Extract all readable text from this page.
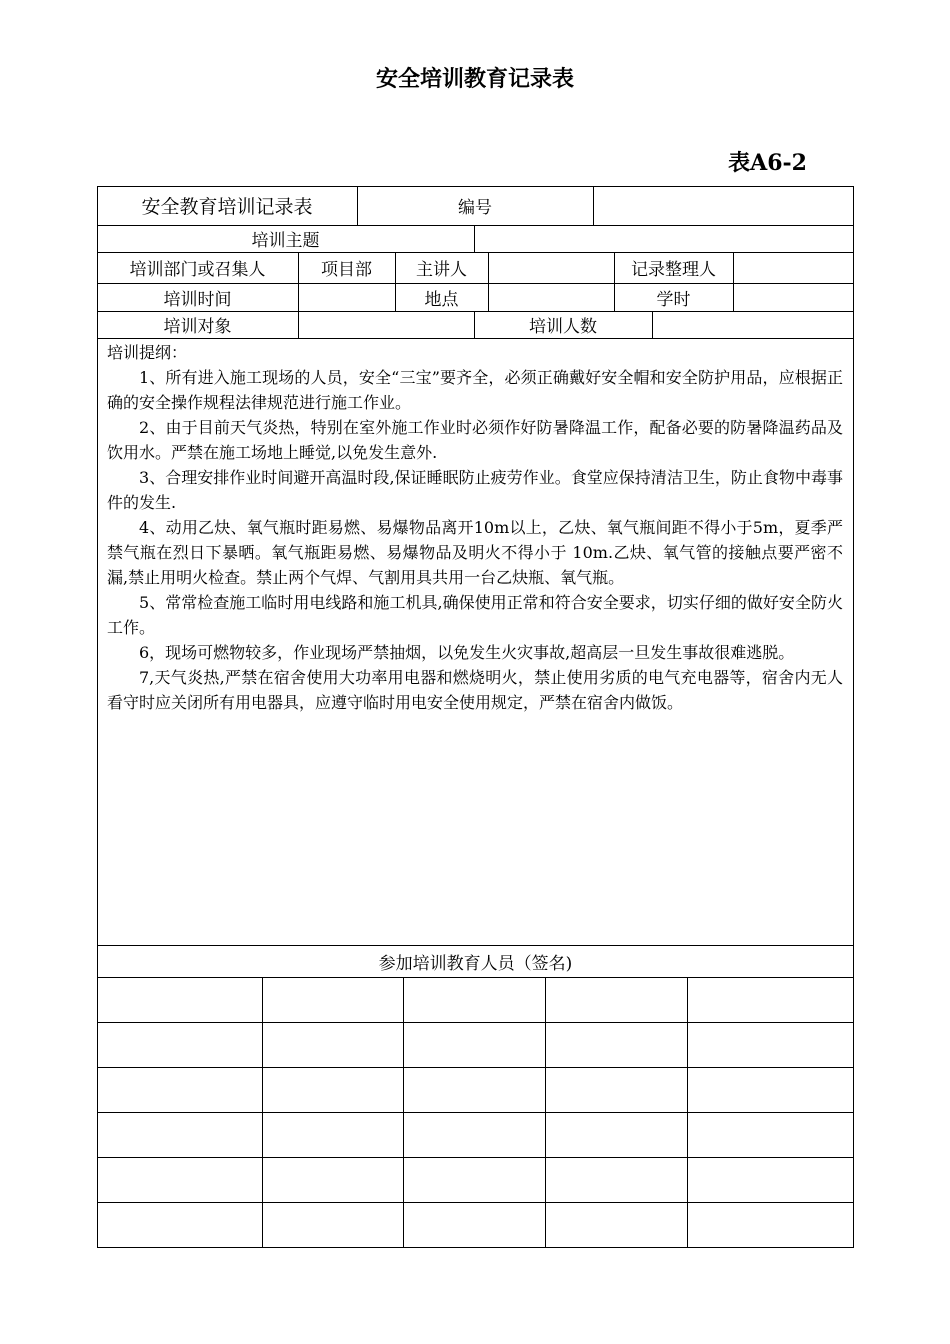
安全培训教育记录表
表A6-2
安全教育培训记录表	编号
培训主题
培训部门或召集人	项目部	主讲人	记录整理人
培训时间	地点	学时
培训对象	培训人数

培训提纲：

1、所有进入施工现场的人员，安全“三宝”要齐全，必须正确戴好安全帽和安全防护用品，应根据正确的安全操作规程法律规范进行施工作业。

2、由于目前天气炎热，特别在室外施工作业时必须作好防暑降温工作，配备必要的防暑降温药品及饮用水。严禁在施工场地上睡觉,以免发生意外.

3、合理安排作业时间避开高温时段,保证睡眠防止疲劳作业。食堂应保持清洁卫生，防止食物中毒事件的发生.

4、动用乙炔、氧气瓶时距易燃、易爆物品离开10m以上，乙炔、氧气瓶间距不得小于5m，夏季严禁气瓶在烈日下暴晒。氧气瓶距易燃、易爆物品及明火不得小于 10m.乙炔、氧气管的接触点要严密不漏,禁止用明火检查。禁止两个气焊、气割用具共用一台乙炔瓶、氧气瓶。

5、常常检查施工临时用电线路和施工机具,确保使用正常和符合安全要求，切实仔细的做好安全防火工作。

6，现场可燃物较多，作业现场严禁抽烟，以免发生火灾事故,超高层一旦发生事故很难逃脱。

7,天气炎热,严禁在宿舍使用大功率用电器和燃烧明火，禁止使用劣质的电气充电器等，宿舍内无人看守时应关闭所有用电器具，应遵守临时用电安全使用规定，严禁在宿舍内做饭。

参加培训教育人员（签名)
